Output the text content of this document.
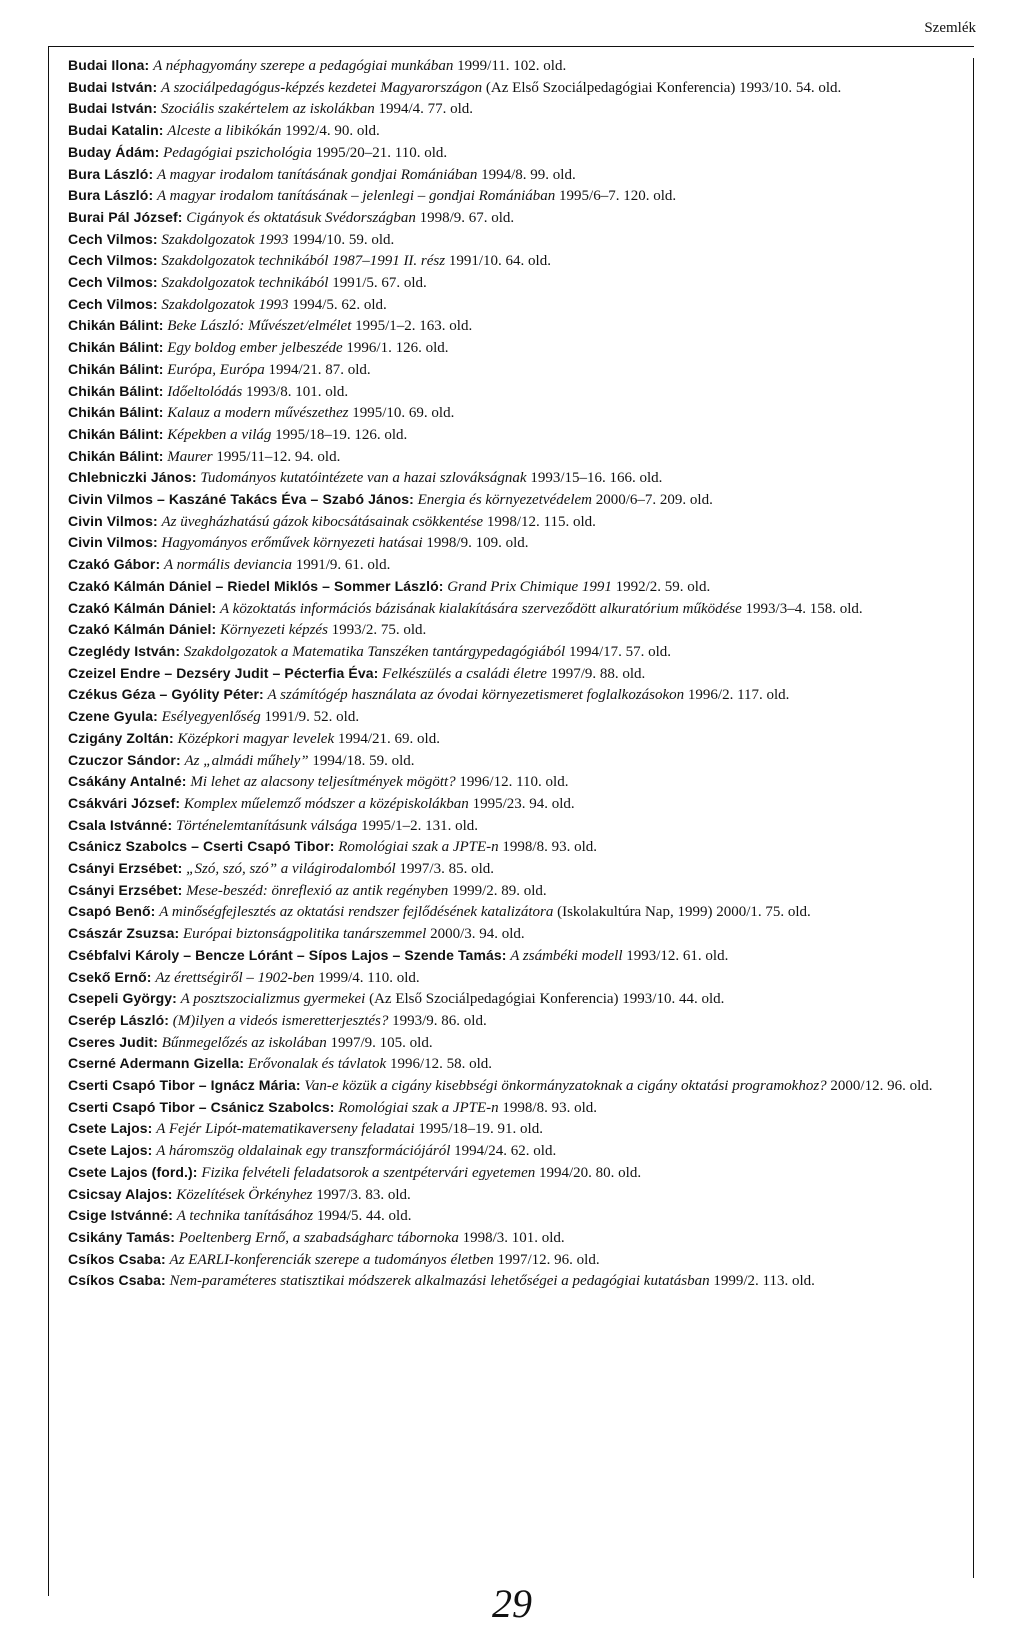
Szemlék
Budai Ilona: A néphagyomány szerepe a pedagógiai munkában 1999/11. 102. old.
Budai István: A szociálpedagógus-képzés kezdetei Magyarországon (Az Első Szociálpedagógiai Konferencia) 1993/10. 54. old.
Budai István: Szociális szakértelem az iskolákban 1994/4. 77. old.
Budai Katalin: Alceste a libikókán 1992/4. 90. old.
Buday Ádám: Pedagógiai pszichológia 1995/20–21. 110. old.
Bura László: A magyar irodalom tanításának gondjai Romániában 1994/8. 99. old.
Bura László: A magyar irodalom tanításának – jelenlegi – gondjai Romániában 1995/6–7. 120. old.
Burai Pál József: Cigányok és oktatásuk Svédországban 1998/9. 67. old.
Cech Vilmos: Szakdolgozatok 1993 1994/10. 59. old.
Cech Vilmos: Szakdolgozatok technikából 1987–1991 II. rész 1991/10. 64. old.
Cech Vilmos: Szakdolgozatok technikából 1991/5. 67. old.
Cech Vilmos: Szakdolgozatok 1993 1994/5. 62. old.
Chikán Bálint: Beke László: Művészet/elmélet 1995/1–2. 163. old.
Chikán Bálint: Egy boldog ember jelbeszéde 1996/1. 126. old.
Chikán Bálint: Európa, Európa 1994/21. 87. old.
Chikán Bálint: Időeltolódás 1993/8. 101. old.
Chikán Bálint: Kalauz a modern művészethez 1995/10. 69. old.
Chikán Bálint: Képekben a világ 1995/18–19. 126. old.
Chikán Bálint: Maurer 1995/11–12. 94. old.
Chlebniczki János: Tudományos kutatóintézete van a hazai szlovákságnak 1993/15–16. 166. old.
Civin Vilmos – Kaszáné Takács Éva – Szabó János: Energia és környezetvédelem 2000/6–7. 209. old.
Civin Vilmos: Az üvegházhatású gázok kibocsátásainak csökkentése 1998/12. 115. old.
Civin Vilmos: Hagyományos erőművek környezeti hatásai 1998/9. 109. old.
Czakó Gábor: A normális deviancia 1991/9. 61. old.
Czakó Kálmán Dániel – Riedel Miklós – Sommer László: Grand Prix Chimique 1991 1992/2. 59. old.
Czakó Kálmán Dániel: A közoktatás információs bázisának kialakítására szerveződött alkuratórium működése 1993/3–4. 158. old.
Czakó Kálmán Dániel: Környezeti képzés 1993/2. 75. old.
Czeglédy István: Szakdolgozatok a Matematika Tanszéken tantárgypedagógiából 1994/17. 57. old.
Czeizel Endre – Dezséry Judit – Pécterfia Éva: Felkészülés a családi életre 1997/9. 88. old.
Czékus Géza – Gyólity Péter: A számítógép használata az óvodai környezetismeret foglalkozásokon 1996/2. 117. old.
Czene Gyula: Esélyegyenlőség 1991/9. 52. old.
Czigány Zoltán: Középkori magyar levelek 1994/21. 69. old.
Czuczor Sándor: Az „almádi műhely” 1994/18. 59. old.
Csákány Antalné: Mi lehet az alacsony teljesítmények mögött? 1996/12. 110. old.
Csákvári József: Komplex műelemző módszer a középiskolákban 1995/23. 94. old.
Csala Istvánné: Történelemtanításunk válsága 1995/1–2. 131. old.
Csánicz Szabolcs – Cserti Csapó Tibor: Romológiai szak a JPTE-n 1998/8. 93. old.
Csányi Erzsébet: „Szó, szó, szó” a világirodalomból 1997/3. 85. old.
Csányi Erzsébet: Mese-beszéd: önreflexió az antik regényben 1999/2. 89. old.
Csapó Benő: A minőségfejlesztés az oktatási rendszer fejlődésének katalizátora (Iskolakultúra Nap, 1999) 2000/1. 75. old.
Császár Zsuzsa: Európai biztonságpolitika tanárszemmel 2000/3. 94. old.
Csébfalvi Károly – Bencze Lóránt – Sípos Lajos – Szende Tamás: A zsámbéki modell 1993/12. 61. old.
Csekő Ernő: Az érettségiről – 1902-ben 1999/4. 110. old.
Csepeli György: A posztszocializmus gyermekei (Az Első Szociálpedagógiai Konferencia) 1993/10. 44. old.
Cserép László: (M)ilyen a videós ismeretterjesztés? 1993/9. 86. old.
Cseres Judit: Bűnmegelőzés az iskolában 1997/9. 105. old.
Cserné Adermann Gizella: Erővonalak és távlatok 1996/12. 58. old.
Cserti Csapó Tibor – Ignácz Mária: Van-e közük a cigány kisebbségi önkormányzatoknak a cigány oktatási programokhoz? 2000/12. 96. old.
Cserti Csapó Tibor – Csánicz Szabolcs: Romológiai szak a JPTE-n 1998/8. 93. old.
Csete Lajos: A Fejér Lipót-matematikaverseny feladatai 1995/18–19. 91. old.
Csete Lajos: A háromszög oldalainak egy transzformációjáról 1994/24. 62. old.
Csete Lajos (ford.): Fizika felvételi feladatsorok a szentpétervári egyetemen 1994/20. 80. old.
Csicsay Alajos: Közelítések Örkényhez 1997/3. 83. old.
Csige Istvánné: A technika tanításához 1994/5. 44. old.
Csikány Tamás: Poeltenberg Ernő, a szabadságharc tábornoka 1998/3. 101. old.
Csíkos Csaba: Az EARLI-konferenciák szerepe a tudományos életben 1997/12. 96. old.
Csíkos Csaba: Nem-paraméteres statisztikai módszerek alkalmazási lehetőségei a pedagógiai kutatásban 1999/2. 113. old.
29
